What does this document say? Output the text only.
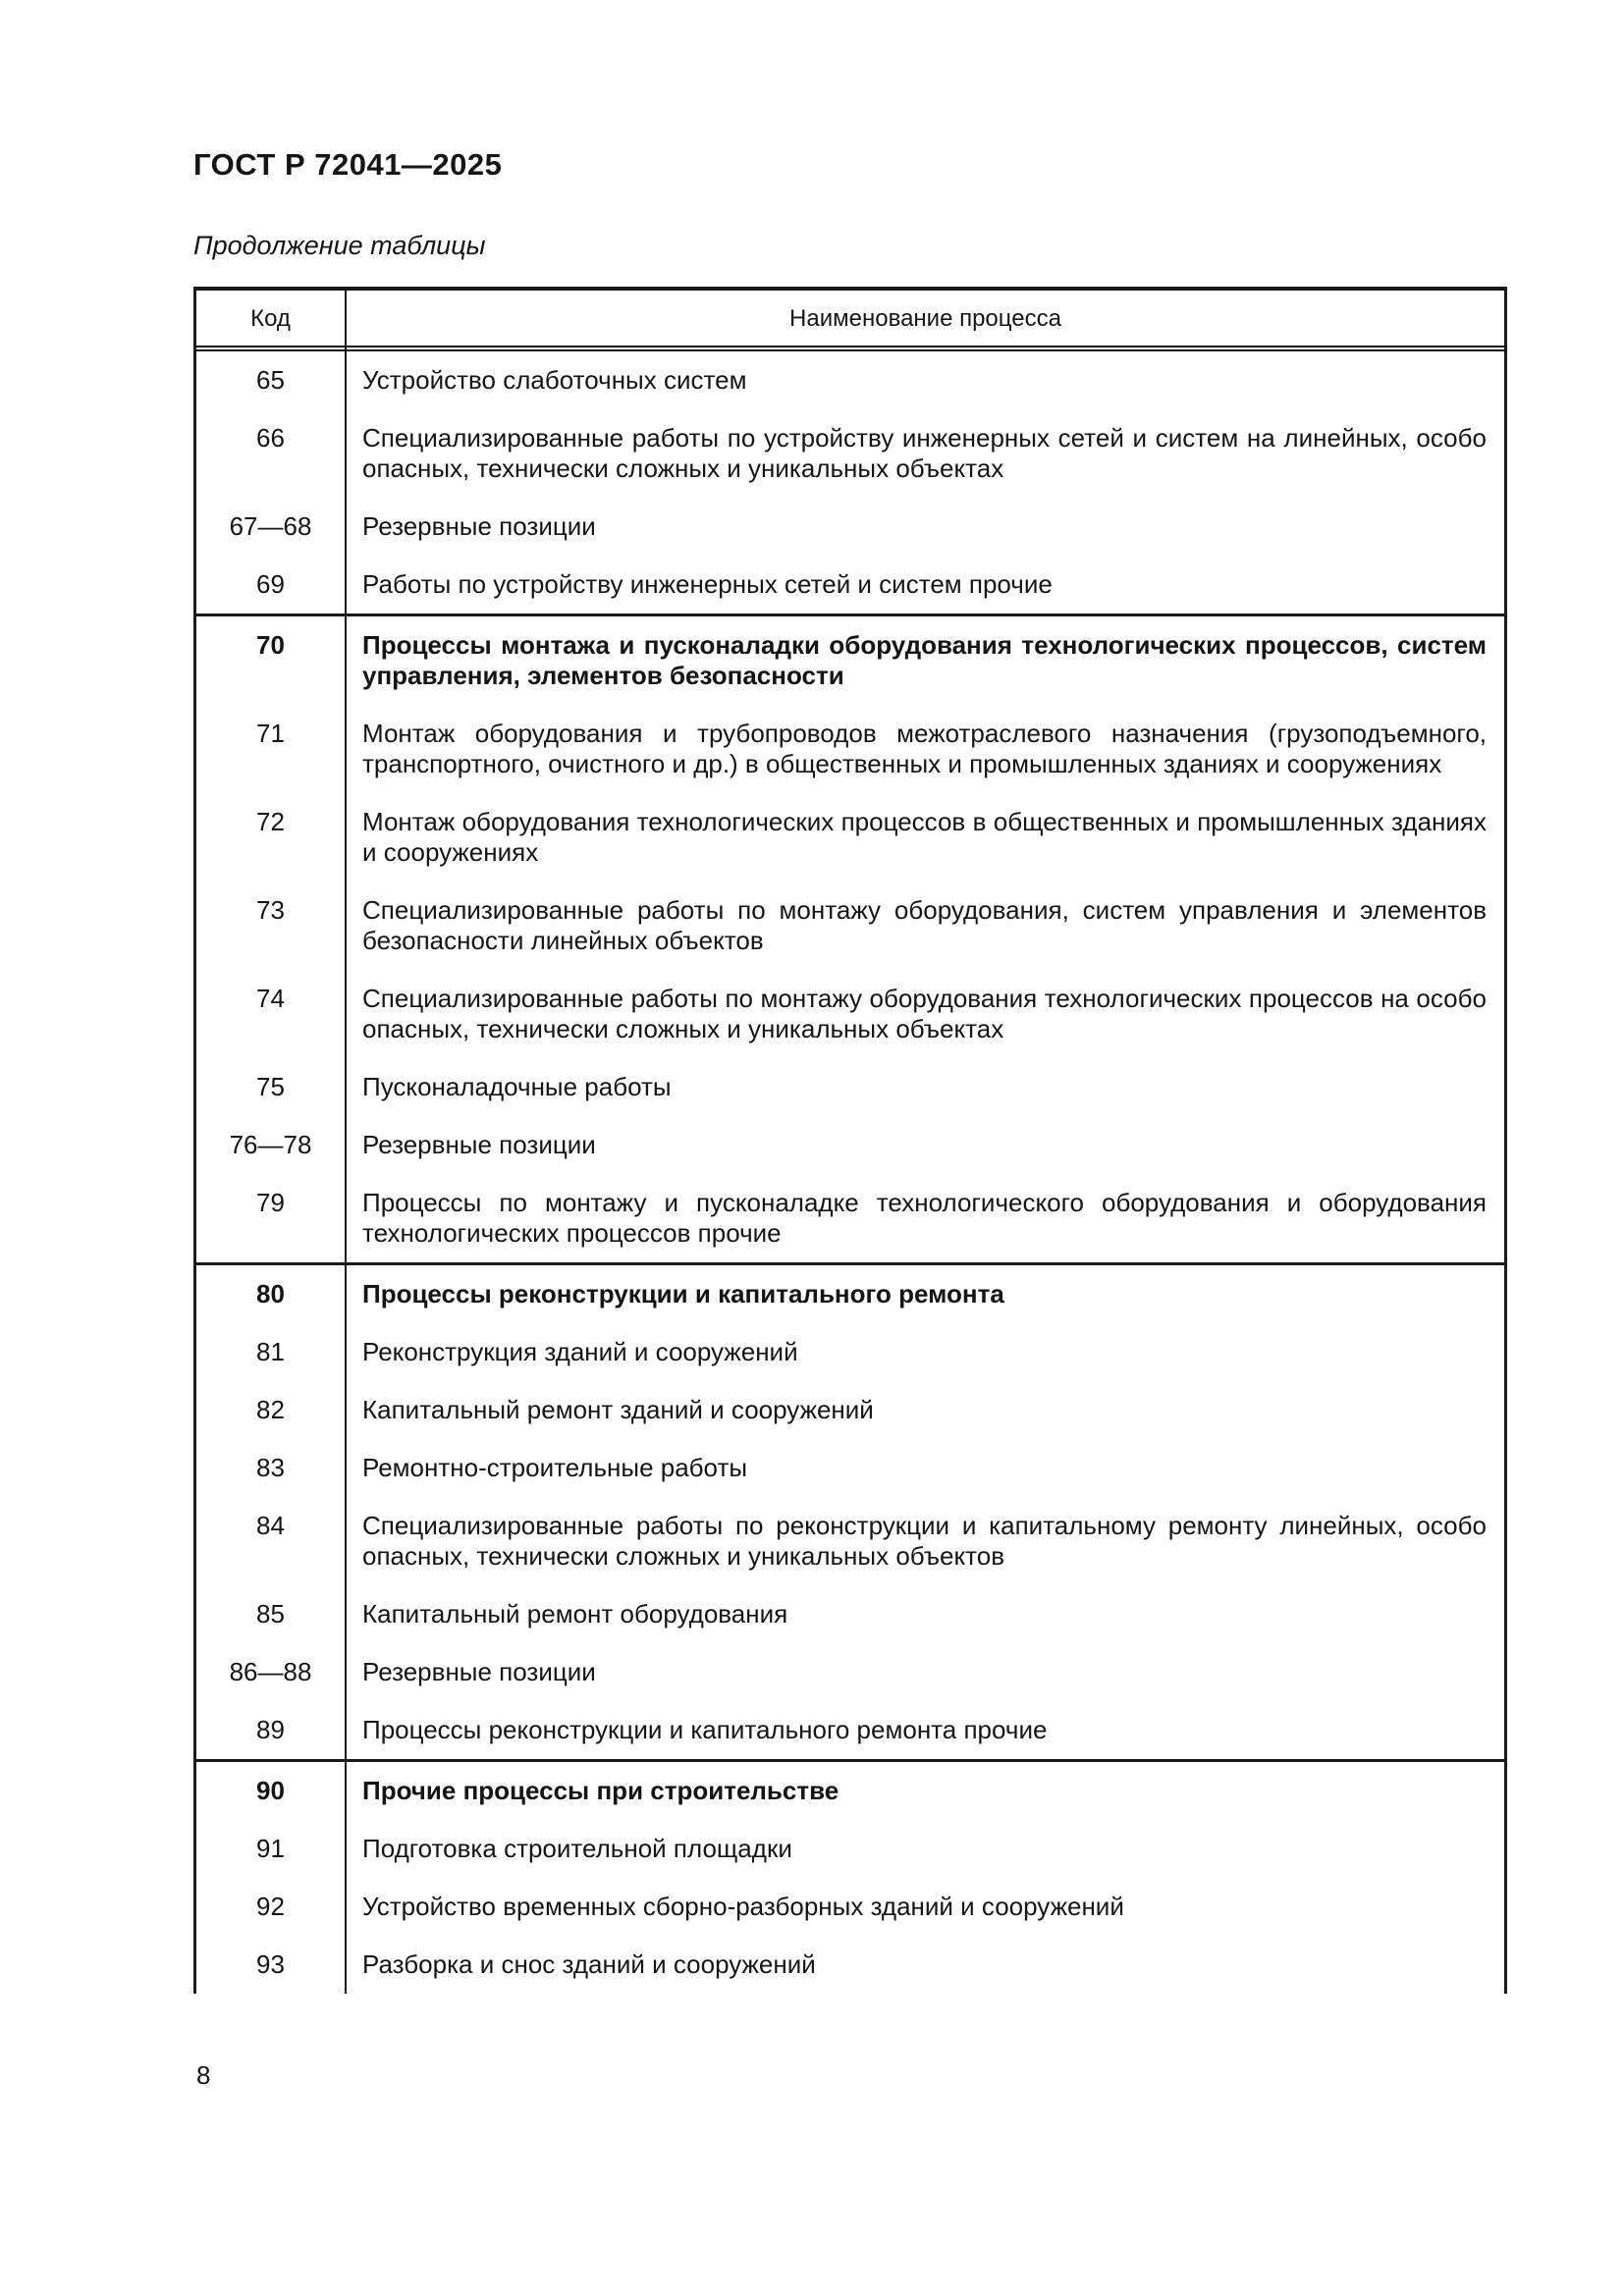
ГОСТ Р 72041—2025
Продолжение таблицы
Код	Наименование процесса
65	Устройство слаботочных систем
66	Специализированные работы по устройству инженерных сетей и систем на линейных, особо опасных, технически сложных и уникальных объектах
67—68	Резервные позиции
69	Работы по устройству инженерных сетей и систем прочие
70	Процессы монтажа и пусконаладки оборудования технологических процессов, систем управления, элементов безопасности
71	Монтаж оборудования и трубопроводов межотраслевого назначения (грузоподъемного, транспортного, очистного и др.) в общественных и промышленных зданиях и сооружениях
72	Монтаж оборудования технологических процессов в общественных и промышленных зданиях и сооружениях
73	Специализированные работы по монтажу оборудования, систем управления и элементов безопасности линейных объектов
74	Специализированные работы по монтажу оборудования технологических процессов на особо опасных, технически сложных и уникальных объектах
75	Пусконаладочные работы
76—78	Резервные позиции
79	Процессы по монтажу и пусконаладке технологического оборудования и оборудования технологических процессов прочие
80	Процессы реконструкции и капитального ремонта
81	Реконструкция зданий и сооружений
82	Капитальный ремонт зданий и сооружений
83	Ремонтно-строительные работы
84	Специализированные работы по реконструкции и капитальному ремонту линейных, особо опасных, технически сложных и уникальных объектов
85	Капитальный ремонт оборудования
86—88	Резервные позиции
89	Процессы реконструкции и капитального ремонта прочие
90	Прочие процессы при строительстве
91	Подготовка строительной площадки
92	Устройство временных сборно-разборных зданий и сооружений
93	Разборка и снос зданий и сооружений
8
